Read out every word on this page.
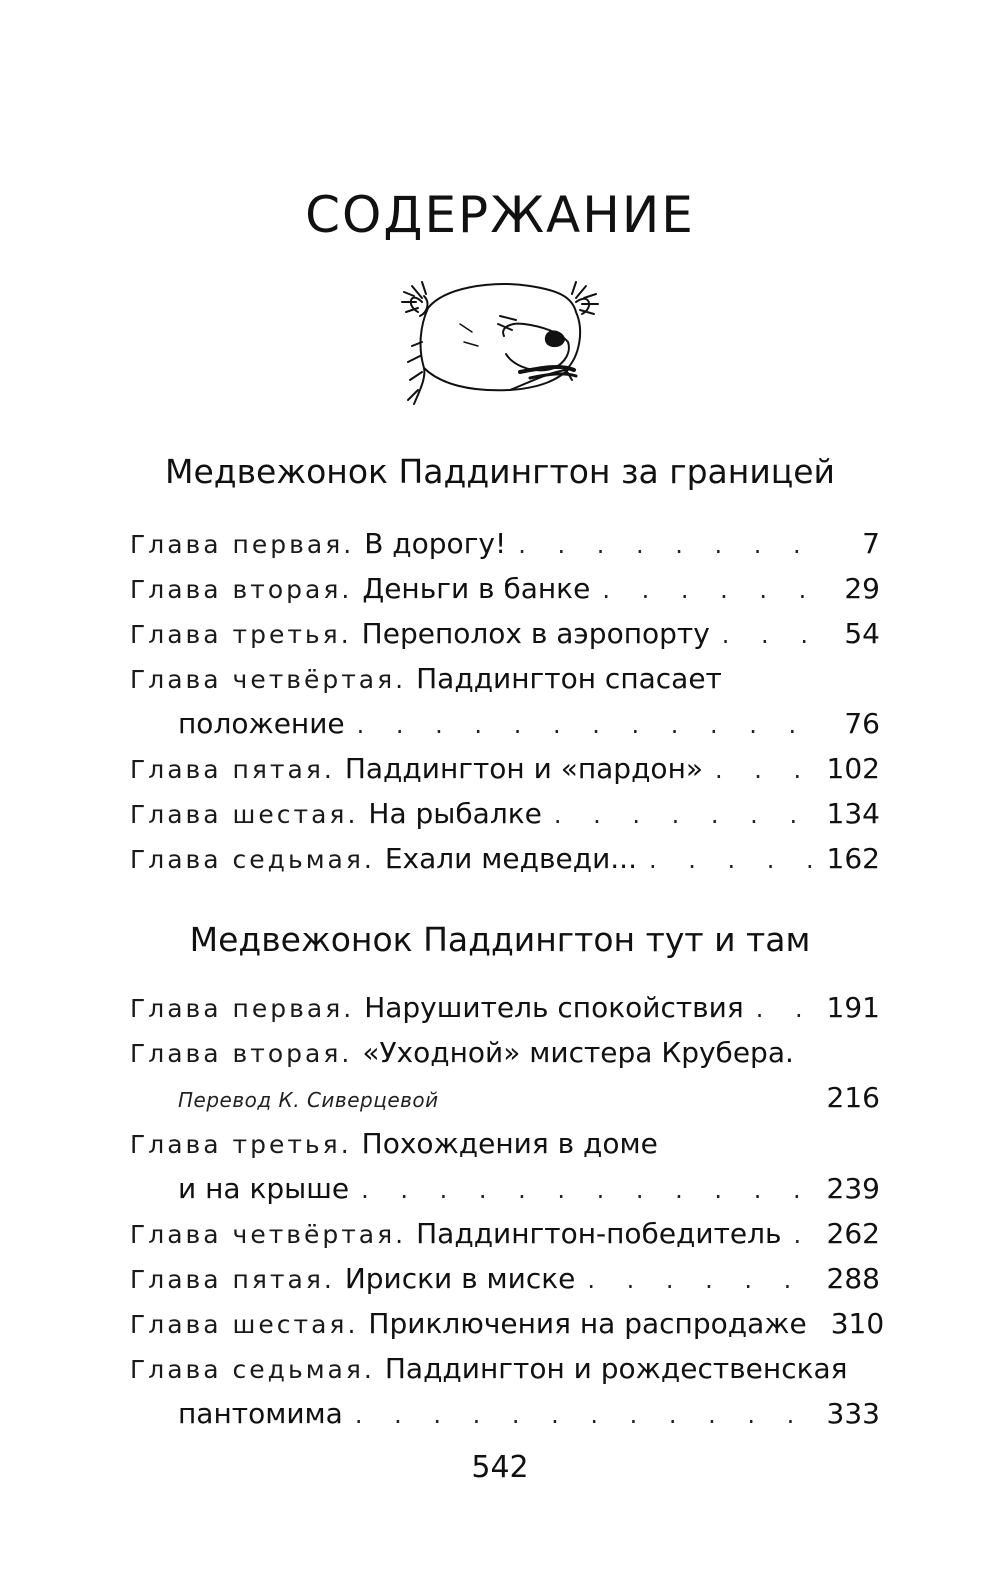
СОДЕРЖАНИЕ
Медвежонок Паддингтон за границей
Глава первая. В дорогу! . . .	7
Глава вторая. Деньги в банке . . .	29
Глава третья. Переполох в аэропорту . . .	54
Глава четвёртая. Паддингтон спасает
положение . . .	76
Глава пятая. Паддингтон и «пардон» . . .	102
Глава шестая. На рыбалке . . .	134
Глава седьмая. Ехали медведи... . . .	162
Медвежонок Паддингтон тут и там
Глава первая. Нарушитель спокойствия . . .	191
Глава вторая. «Уходной» мистера Крубера.
Перевод К. Сиверцевой	216
Глава третья. Похождения в доме
и на крыше . . .	239
Глава четвёртая. Паддингтон-победитель . . . 262
Глава пятая. Ириски в миске . . .	288
Глава шестая. Приключения на распродаже 310
Глава седьмая. Паддингтон и рождественская
пантомима . . .	333
542
